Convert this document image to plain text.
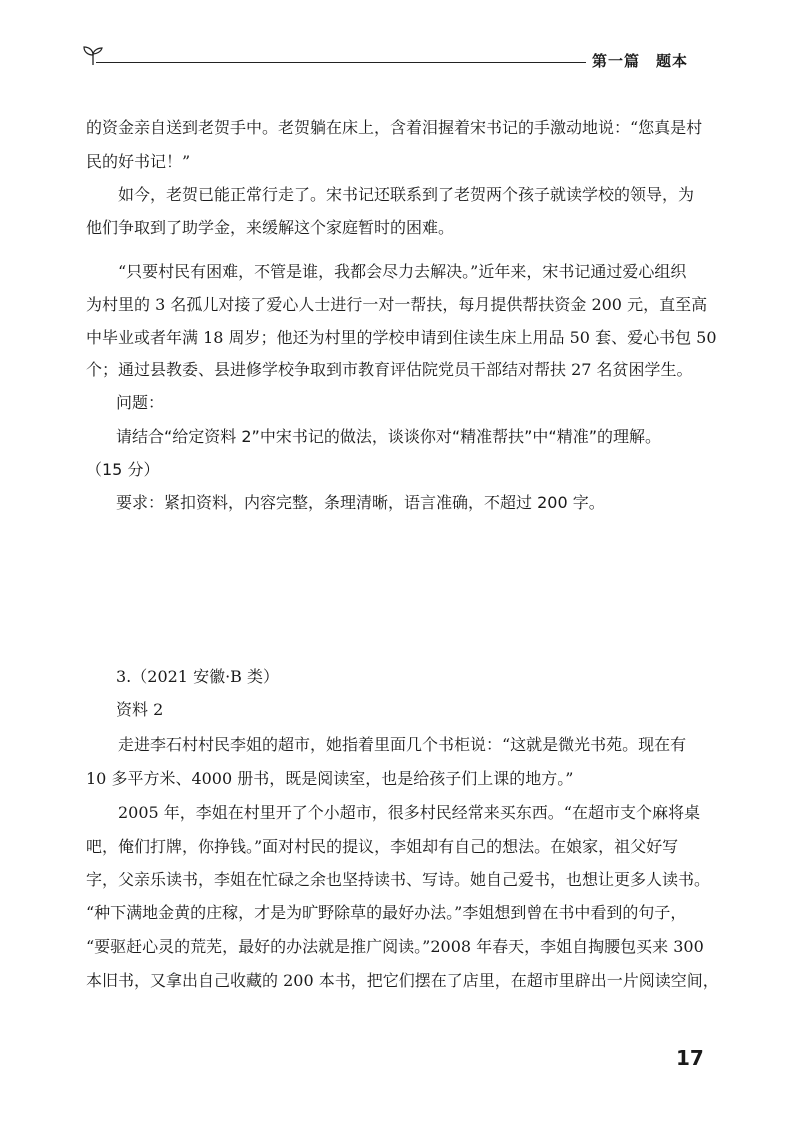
第一篇　题本
的资金亲自送到老贺手中。老贺躺在床上，含着泪握着宋书记的手激动地说：“您真是村
民的好书记！”
　　如今，老贺已能正常行走了。宋书记还联系到了老贺两个孩子就读学校的领导，为
他们争取到了助学金，来缓解这个家庭暂时的困难。
　　“只要村民有困难，不管是谁，我都会尽力去解决。”近年来，宋书记通过爱心组织
为村里的 3 名孤儿对接了爱心人士进行一对一帮扶，每月提供帮扶资金 200 元，直至高
中毕业或者年满 18 周岁；他还为村里的学校申请到住读生床上用品 50 套、爱心书包 50
个；通过县教委、县进修学校争取到市教育评估院党员干部结对帮扶 27 名贫困学生。
问题：
请结合“给定资料 2”中宋书记的做法，谈谈你对“精准帮扶”中“精准”的理解。
（15 分）
要求：紧扣资料，内容完整，条理清晰，语言准确，不超过 200 字。
3.（2021 安徽·B 类）
资料 2
　　走进李石村村民李姐的超市，她指着里面几个书柜说：“这就是微光书苑。现在有
10 多平方米、4000 册书，既是阅读室，也是给孩子们上课的地方。”
　　2005 年，李姐在村里开了个小超市，很多村民经常来买东西。“在超市支个麻将桌
吧，俺们打牌，你挣钱。”面对村民的提议，李姐却有自己的想法。在娘家，祖父好写
字，父亲乐读书，李姐在忙碌之余也坚持读书、写诗。她自己爱书，也想让更多人读书。
“种下满地金黄的庄稼，才是为旷野除草的最好办法。”李姐想到曾在书中看到的句子，
“要驱赶心灵的荒芜，最好的办法就是推广阅读。”2008 年春天，李姐自掏腰包买来 300
本旧书，又拿出自己收藏的 200 本书，把它们摆在了店里，在超市里辟出一片阅读空间，
17
